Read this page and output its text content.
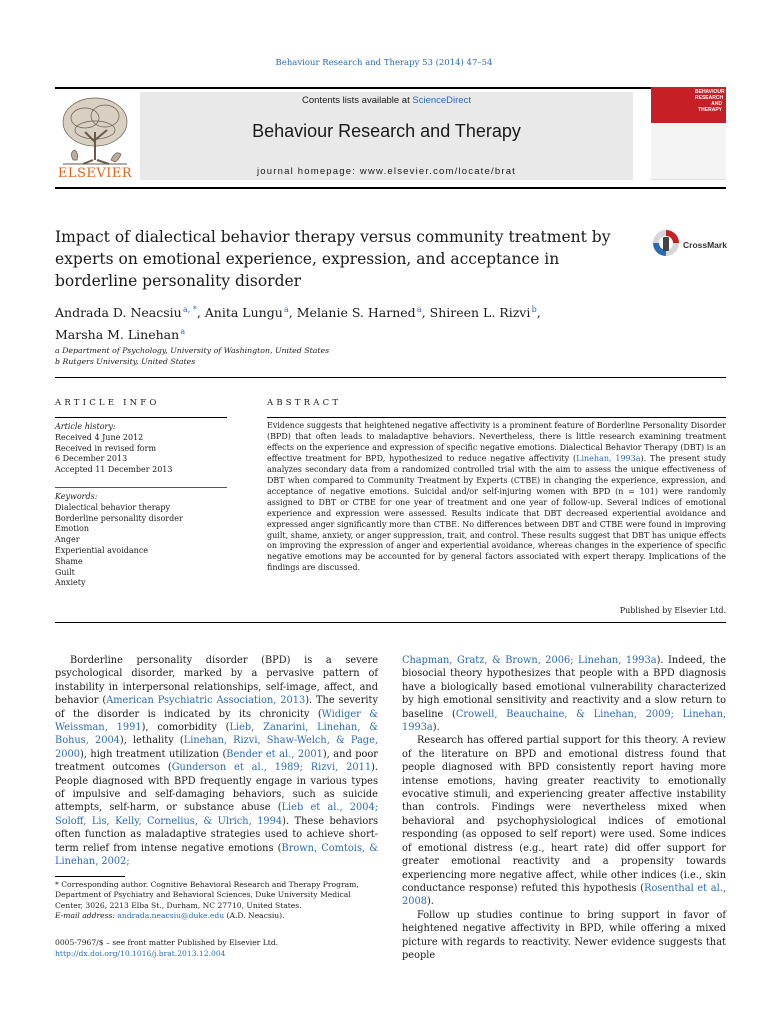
Behaviour Research and Therapy 53 (2014) 47–54
ELSEVIER
Contents lists available at ScienceDirect
Behaviour Research and Therapy
journal homepage: www.elsevier.com/locate/brat
BEHAVIOUR
RESEARCH AND
THERAPY
Impact of dialectical behavior therapy versus community treatment by experts on emotional experience, expression, and acceptance in borderline personality disorder
CrossMark
Andrada D. Neacsiu $^{a, *}$, Anita Lungu $^a$, Melanie S. Harned $^a$, Shireen L. Rizvi $^b$,
Marsha M. Linehan $^a$
a Department of Psychology, University of Washington, United States
b Rutgers University, United States
ARTICLE INFO	ABSTRACT
Article history:
Received 4 June 2012
Received in revised form
6 December 2013
Accepted 11 December 2013
Keywords:
Dialectical behavior therapy
Borderline personality disorder
Emotion
Anger
Experiential avoidance
Shame
Guilt
Anxiety
Evidence suggests that heightened negative affectivity is a prominent feature of Borderline Personality Disorder (BPD) that often leads to maladaptive behaviors. Nevertheless, there is little research examining treatment effects on the experience and expression of specific negative emotions. Dialectical Behavior Therapy (DBT) is an effective treatment for BPD, hypothesized to reduce negative affectivity (Linehan, 1993a). The present study analyzes secondary data from a randomized controlled trial with the aim to assess the unique effectiveness of DBT when compared to Community Treatment by Experts (CTBE) in changing the experience, expression, and acceptance of negative emotions. Suicidal and/or self-injuring women with BPD (n = 101) were randomly assigned to DBT or CTBE for one year of treatment and one year of follow-up. Several indices of emotional experience and expression were assessed. Results indicate that DBT decreased experiential avoidance and expressed anger significantly more than CTBE. No differences between DBT and CTBE were found in improving guilt, shame, anxiety, or anger suppression, trait, and control. These results suggest that DBT has unique effects on improving the expression of anger and experiential avoidance, whereas changes in the experience of specific negative emotions may be accounted for by general factors associated with expert therapy. Implications of the findings are discussed.
Published by Elsevier Ltd.

Borderline personality disorder (BPD) is a severe psychological disorder, marked by a pervasive pattern of instability in interpersonal relationships, self-image, affect, and behavior (American Psychiatric Association, 2013). The severity of the disorder is indicated by its chronicity (Widiger & Weissman, 1991), comorbidity (Lieb, Zanarini, Linehan, & Bohus, 2004), lethality (Linehan, Rizvi, Shaw-Welch, & Page, 2000), high treatment utilization (Bender et al., 2001), and poor treatment outcomes (Gunderson et al., 1989; Rizvi, 2011). People diagnosed with BPD frequently engage in various types of impulsive and self-damaging behaviors, such as suicide attempts, self-harm, or substance abuse (Lieb et al., 2004; Soloff, Lis, Kelly, Cornelius, & Ulrich, 1994). These behaviors often function as maladaptive strategies used to achieve short-term relief from intense negative emotions (Brown, Comtois, & Linehan, 2002;

Chapman, Gratz, & Brown, 2006; Linehan, 1993a). Indeed, the biosocial theory hypothesizes that people with a BPD diagnosis have a biologically based emotional vulnerability characterized by high emotional sensitivity and reactivity and a slow return to baseline (Crowell, Beauchaine, & Linehan, 2009; Linehan, 1993a).

Research has offered partial support for this theory. A review of the literature on BPD and emotional distress found that people diagnosed with BPD consistently report having more intense emotions, having greater reactivity to emotionally evocative stimuli, and experiencing greater affective instability than controls. Findings were nevertheless mixed when behavioral and psychophysiological indices of emotional responding (as opposed to self report) were used. Some indices of emotional distress (e.g., heart rate) did offer support for greater emotional reactivity and a propensity towards experiencing more negative affect, while other indices (i.e., skin conductance response) refuted this hypothesis (Rosenthal et al., 2008).

Follow up studies continue to bring support in favor of heightened negative affectivity in BPD, while offering a mixed picture with regards to reactivity. Newer evidence suggests that people

* Corresponding author. Cognitive Behavioral Research and Therapy Program, Department of Psychiatry and Behavioral Sciences, Duke University Medical Center, 3026, 2213 Elba St., Durham, NC 27710, United States.
E-mail address: andrada.neacsiu@duke.edu (A.D. Neacsiu).
0005-7967/$ – see front matter Published by Elsevier Ltd.
http://dx.doi.org/10.1016/j.brat.2013.12.004
